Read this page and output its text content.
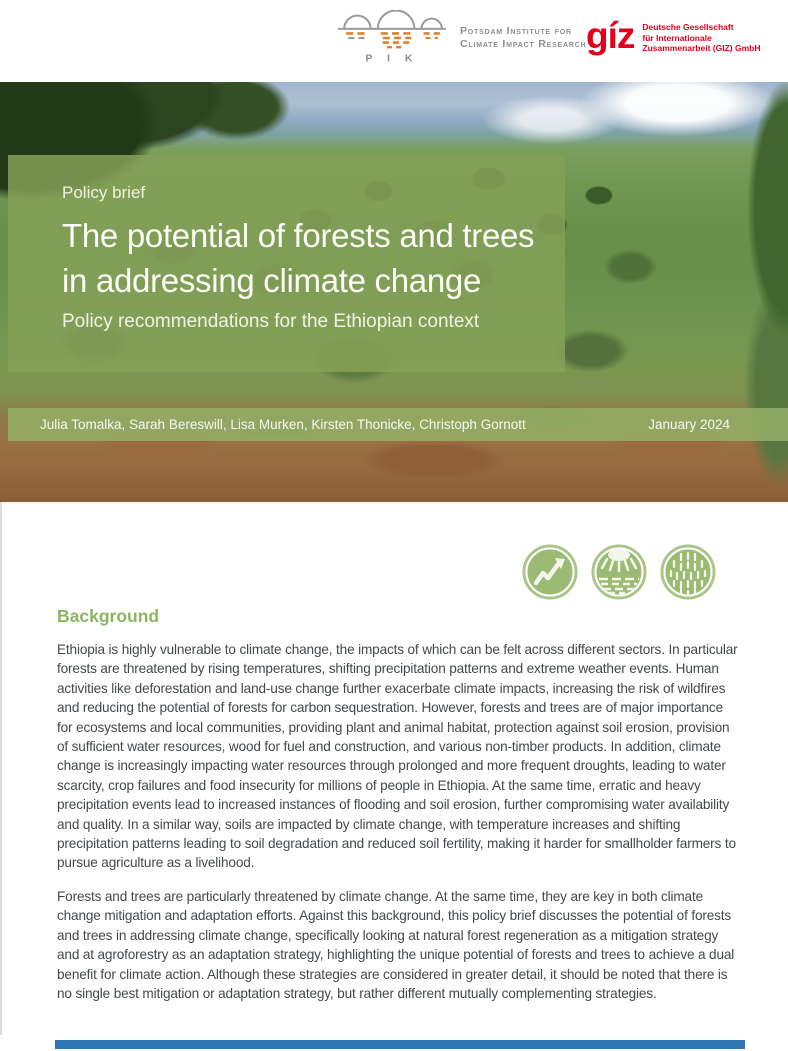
P I K
Potsdam Institute for
Climate Impact Research gíz Deutsche Gesellschaft
für Internationale
Zusammenarbeit (GIZ) GmbH

Policy brief

The potential of forests and trees

in addressing climate change

Policy recommendations for the Ethiopian context

Julia Tomalka, Sarah Bereswill, Lisa Murken, Kirsten Thonicke, Christoph Gornott	January 2024
Background

Ethiopia is highly vulnerable to climate change, the impacts of which can be felt across different sectors. In particular forests are threatened by rising temperatures, shifting precipitation patterns and extreme weather events. Human activities like deforestation and land-use change further exacerbate climate impacts, increasing the risk of wildfires and reducing the potential of forests for carbon sequestration. However, forests and trees are of major importance for ecosystems and local communities, providing plant and animal habitat, protection against soil erosion, provision of sufficient water resources, wood for fuel and construction, and various non-timber products. In addition, climate change is increasingly impacting water resources through prolonged and more frequent droughts, leading to water scarcity, crop failures and food insecurity for millions of people in Ethiopia. At the same time, erratic and heavy precipitation events lead to increased instances of flooding and soil erosion, further compromising water availability and quality. In a similar way, soils are impacted by climate change, with temperature increases and shifting precipitation patterns leading to soil degradation and reduced soil fertility, making it harder for smallholder farmers to pursue agriculture as a livelihood.

Forests and trees are particularly threatened by climate change. At the same time, they are key in both climate change mitigation and adaptation efforts. Against this background, this policy brief discusses the potential of forests and trees in addressing climate change, specifically looking at natural forest regeneration as a mitigation strategy and at agroforestry as an adaptation strategy, highlighting the unique potential of forests and trees to achieve a dual benefit for climate action. Although these strategies are considered in greater detail, it should be noted that there is no single best mitigation or adaptation strategy, but rather different mutually complementing strategies.
